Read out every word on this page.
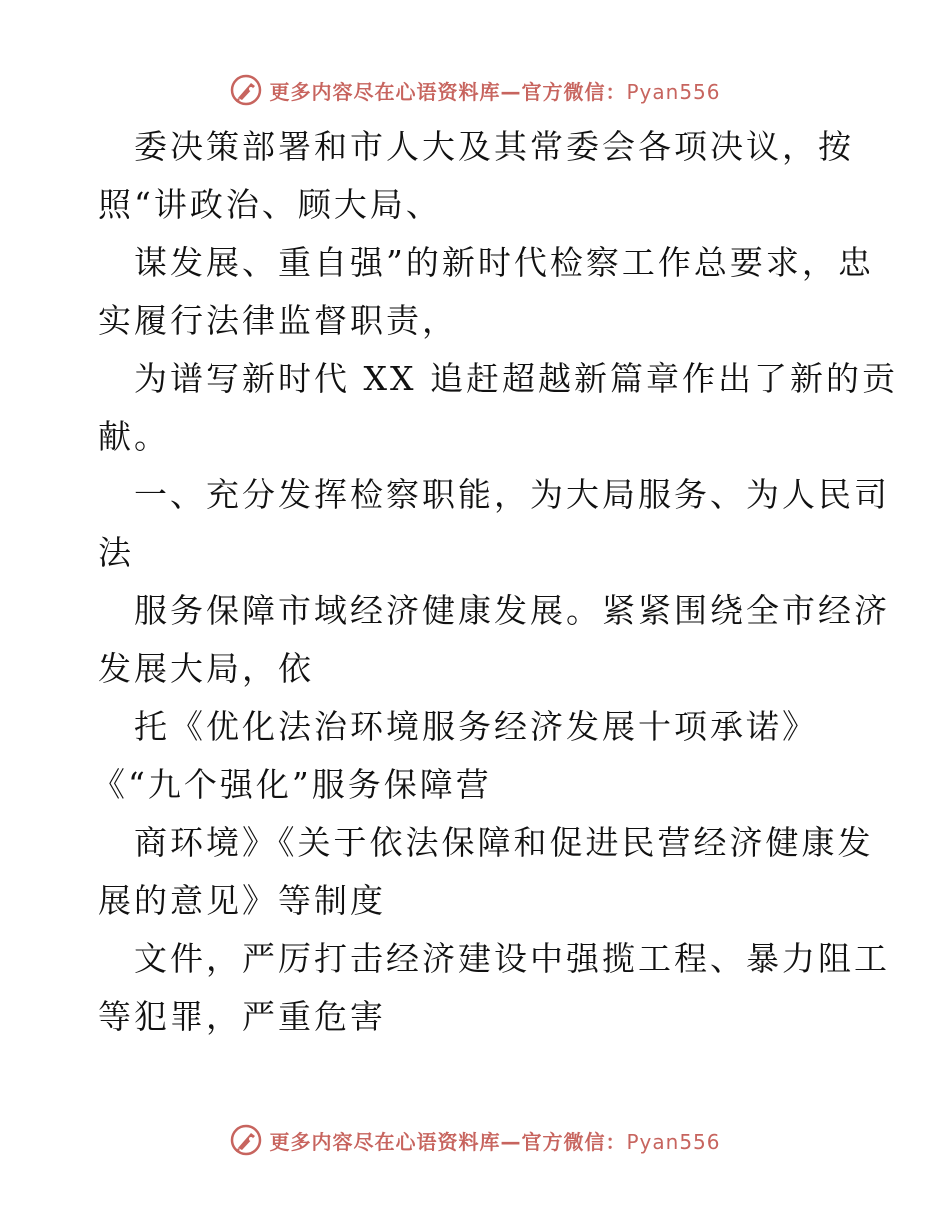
更多内容尽在心语资料库—官方微信：Pyan556
委决策部署和市人大及其常委会各项决议，按
照“讲政治、顾大局、
谋发展、重自强”的新时代检察工作总要求，忠
实履行法律监督职责，
为谱写新时代 XX 追赶超越新篇章作出了新的贡
献。
一、充分发挥检察职能，为大局服务、为人民司
法
服务保障市域经济健康发展。紧紧围绕全市经济
发展大局，依
托《优化法治环境服务经济发展十项承诺》
《“九个强化”服务保障营
商环境》《关于依法保障和促进民营经济健康发
展的意见》等制度
文件，严厉打击经济建设中强揽工程、暴力阻工
等犯罪，严重危害
更多内容尽在心语资料库—官方微信：Pyan556
